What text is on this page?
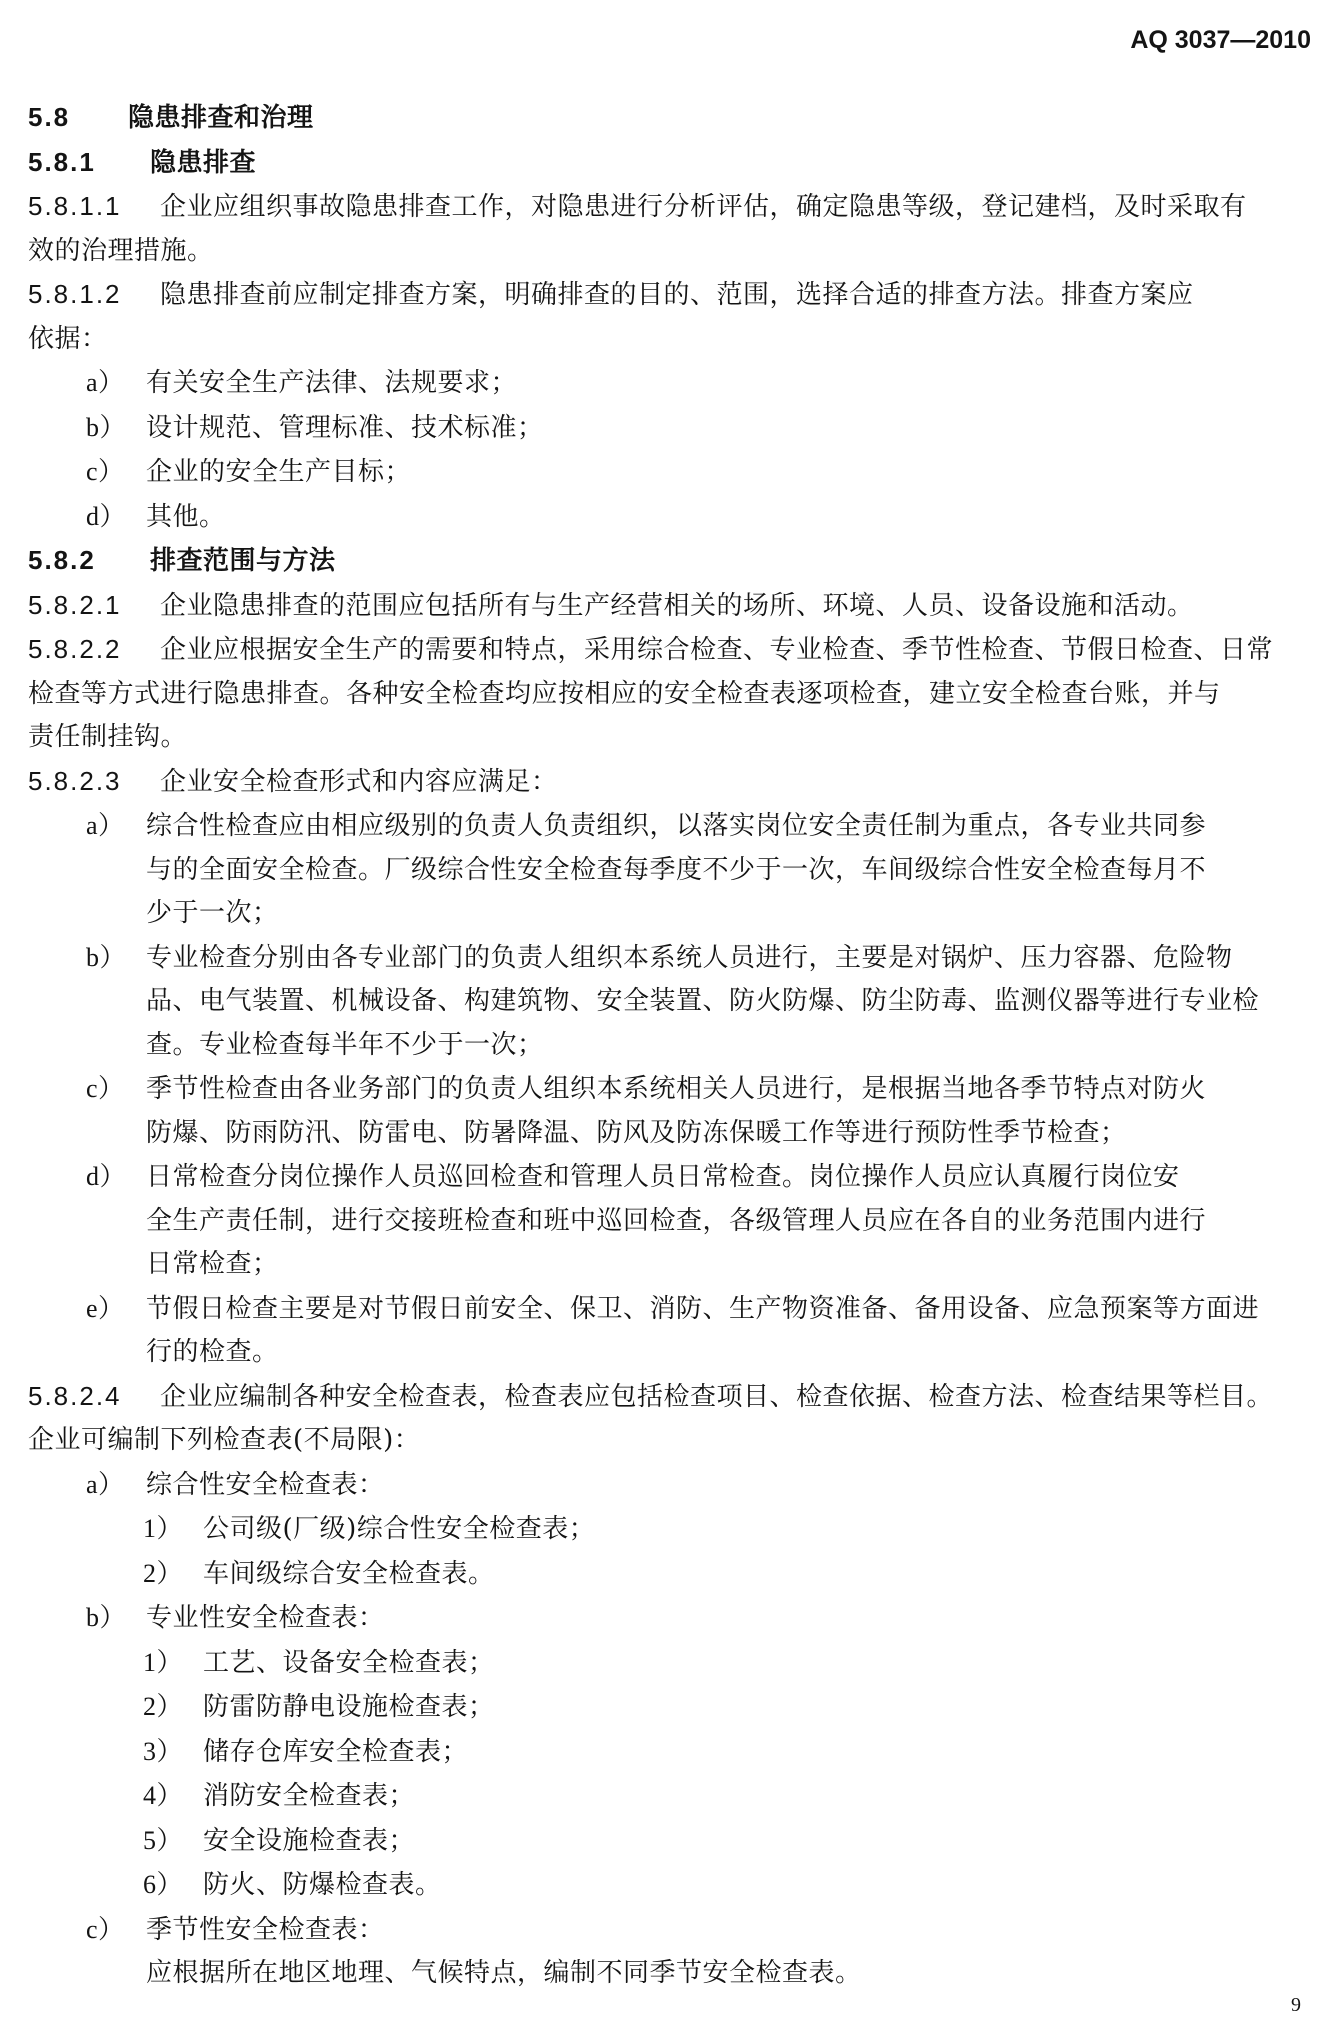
AQ 3037—2010

5.8 隐患排查和治理

5.8.1 隐患排查

5.8.1.1 企业应组织事故隐患排查工作，对隐患进行分析评估，确定隐患等级，登记建档，及时采取有

效的治理措施。

5.8.1.2 隐患排查前应制定排查方案，明确排查的目的、范围，选择合适的排查方法。排查方案应

依据：

a） 有关安全生产法律、法规要求；

b） 设计规范、管理标准、技术标准；

c） 企业的安全生产目标；

d） 其他。

5.8.2 排查范围与方法

5.8.2.1 企业隐患排查的范围应包括所有与生产经营相关的场所、环境、人员、设备设施和活动。

5.8.2.2 企业应根据安全生产的需要和特点，采用综合检查、专业检查、季节性检查、节假日检查、日常

检查等方式进行隐患排查。各种安全检查均应按相应的安全检查表逐项检查，建立安全检查台账，并与

责任制挂钩。

5.8.2.3 企业安全检查形式和内容应满足：

a） 综合性检查应由相应级别的负责人负责组织，以落实岗位安全责任制为重点，各专业共同参

与的全面安全检查。厂级综合性安全检查每季度不少于一次，车间级综合性安全检查每月不

少于一次；

b） 专业检查分别由各专业部门的负责人组织本系统人员进行，主要是对锅炉、压力容器、危险物

品、电气装置、机械设备、构建筑物、安全装置、防火防爆、防尘防毒、监测仪器等进行专业检

查。专业检查每半年不少于一次；

c） 季节性检查由各业务部门的负责人组织本系统相关人员进行，是根据当地各季节特点对防火

防爆、防雨防汛、防雷电、防暑降温、防风及防冻保暖工作等进行预防性季节检查；

d） 日常检查分岗位操作人员巡回检查和管理人员日常检查。岗位操作人员应认真履行岗位安

全生产责任制，进行交接班检查和班中巡回检查，各级管理人员应在各自的业务范围内进行

日常检查；

e） 节假日检查主要是对节假日前安全、保卫、消防、生产物资准备、备用设备、应急预案等方面进

行的检查。

5.8.2.4 企业应编制各种安全检查表，检查表应包括检查项目、检查依据、检查方法、检查结果等栏目。

企业可编制下列检查表(不局限)：

a） 综合性安全检查表：

1） 公司级(厂级)综合性安全检查表；

2） 车间级综合安全检查表。

b） 专业性安全检查表：

1） 工艺、设备安全检查表；

2） 防雷防静电设施检查表；

3） 储存仓库安全检查表；

4） 消防安全检查表；

5） 安全设施检查表；

6） 防火、防爆检查表。

c） 季节性安全检查表：

应根据所在地区地理、气候特点，编制不同季节安全检查表。

9
